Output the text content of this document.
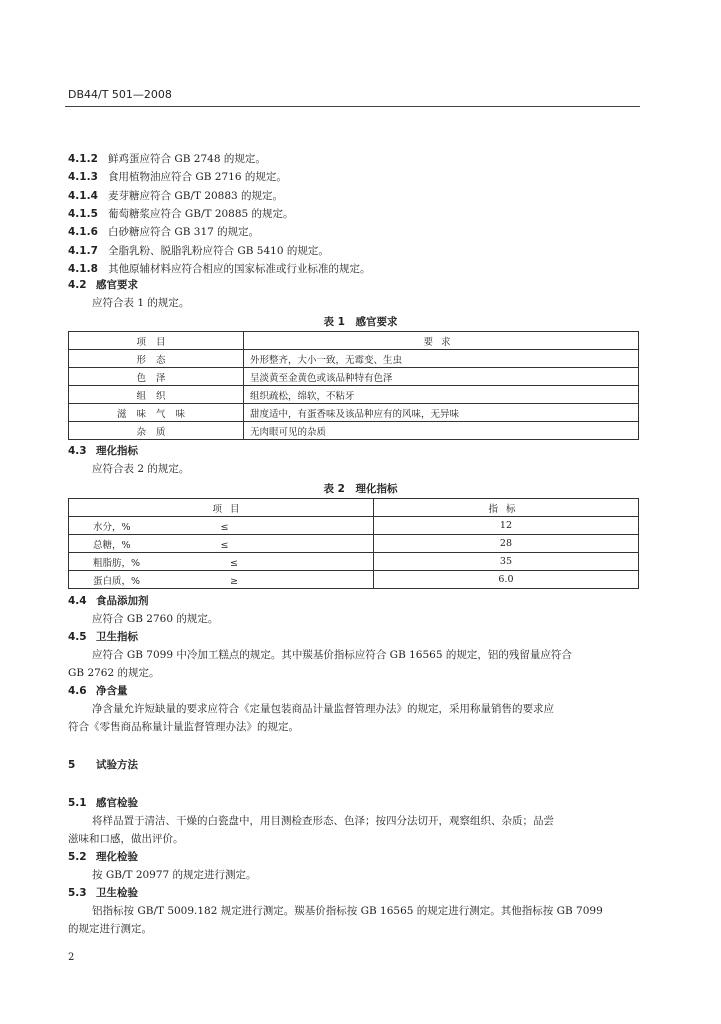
DB44/T 501—2008
4.1.2 鲜鸡蛋应符合 GB 2748 的规定。
4.1.3 食用植物油应符合 GB 2716 的规定。
4.1.4 麦芽糖应符合 GB/T 20883 的规定。
4.1.5 葡萄糖浆应符合 GB/T 20885 的规定。
4.1.6 白砂糖应符合 GB 317 的规定。
4.1.7 全脂乳粉、脱脂乳粉应符合 GB 5410 的规定。
4.1.8 其他原辅材料应符合相应的国家标准或行业标准的规定。
4.2 感官要求
应符合表 1 的规定。
表 1　感官要求
项目	要求
形态	外形整齐，大小一致，无霉变、生虫
色泽	呈淡黄至金黄色或该品种特有色泽
组织	组织疏松，绵软，不粘牙
滋味气味	甜度适中，有蛋香味及该品种应有的风味，无异味
杂质	无肉眼可见的杂质
4.3 理化指标
应符合表 2 的规定。
表 2　理化指标
项目	指标
水分，% ≤	12
总糖，% ≤	28
粗脂肪，% ≤	35
蛋白质，% ≥	6.0
4.4 食品添加剂
应符合 GB 2760 的规定。
4.5 卫生指标
应符合 GB 7099 中冷加工糕点的规定。其中羰基价指标应符合 GB 16565 的规定，铝的残留量应符合
GB 2762 的规定。
4.6 净含量
净含量允许短缺量的要求应符合《定量包装商品计量监督管理办法》的规定，采用称量销售的要求应
符合《零售商品称量计量监督管理办法》的规定。
5 试验方法
5.1 感官检验
将样品置于清洁、干燥的白瓷盘中，用目测检查形态、色泽；按四分法切开，观察组织、杂质；品尝
滋味和口感，做出评价。
5.2 理化检验
按 GB/T 20977 的规定进行测定。
5.3 卫生检验
铝指标按 GB/T 5009.182 规定进行测定。羰基价指标按 GB 16565 的规定进行测定。其他指标按 GB 7099
的规定进行测定。
2
